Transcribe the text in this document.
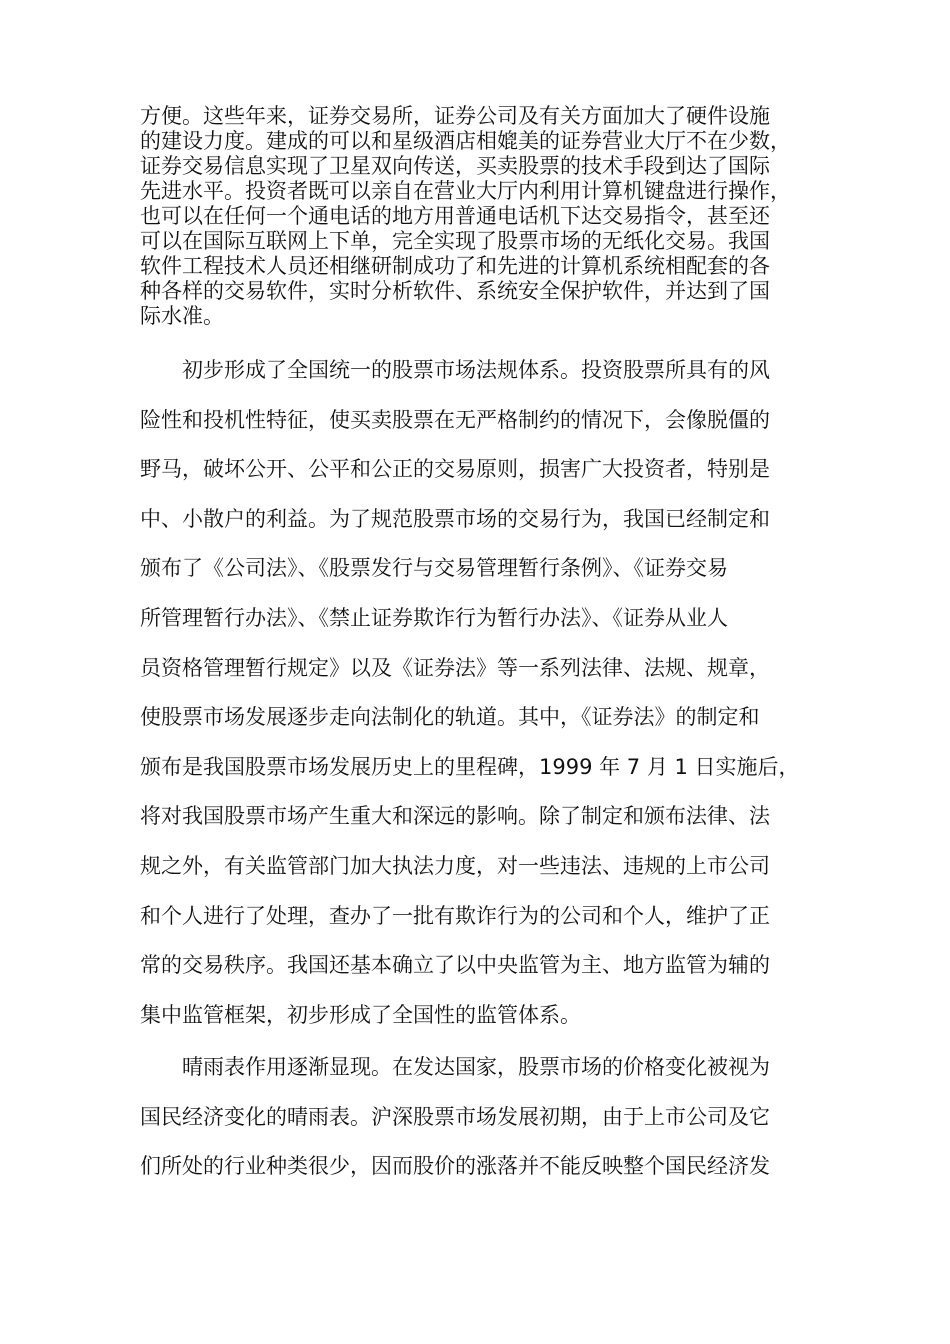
方便。这些年来，证券交易所，证券公司及有关方面加大了硬件设施
的建设力度。建成的可以和星级酒店相媲美的证券营业大厅不在少数，
证券交易信息实现了卫星双向传送，买卖股票的技术手段到达了国际
先进水平。投资者既可以亲自在营业大厅内利用计算机键盘进行操作，
也可以在任何一个通电话的地方用普通电话机下达交易指令，甚至还
可以在国际互联网上下单，完全实现了股票市场的无纸化交易。我国
软件工程技术人员还相继研制成功了和先进的计算机系统相配套的各
种各样的交易软件，实时分析软件、系统安全保护软件，并达到了国
际水准。

初步形成了全国统一的股票市场法规体系。投资股票所具有的风
险性和投机性特征，使买卖股票在无严格制约的情况下，会像脱僵的
野马，破坏公开、公平和公正的交易原则，损害广大投资者，特别是
中、小散户的利益。为了规范股票市场的交易行为，我国已经制定和
颁布了《公司法》、《股票发行与交易管理暂行条例》、《证券交易
所管理暂行办法》、《禁止证券欺诈行为暂行办法》、《证券从业人
员资格管理暂行规定》以及《证券法》等一系列法律、法规、规章，
使股票市场发展逐步走向法制化的轨道。其中，《证券法》的制定和
颁布是我国股票市场发展历史上的里程碑，1999 年 7 月 1 日实施后，
将对我国股票市场产生重大和深远的影响。除了制定和颁布法律、法
规之外，有关监管部门加大执法力度，对一些违法、违规的上市公司
和个人进行了处理，查办了一批有欺诈行为的公司和个人，维护了正
常的交易秩序。我国还基本确立了以中央监管为主、地方监管为辅的
集中监管框架，初步形成了全国性的监管体系。

晴雨表作用逐渐显现。在发达国家，股票市场的价格变化被视为
国民经济变化的晴雨表。沪深股票市场发展初期，由于上市公司及它
们所处的行业种类很少，因而股价的涨落并不能反映整个国民经济发
